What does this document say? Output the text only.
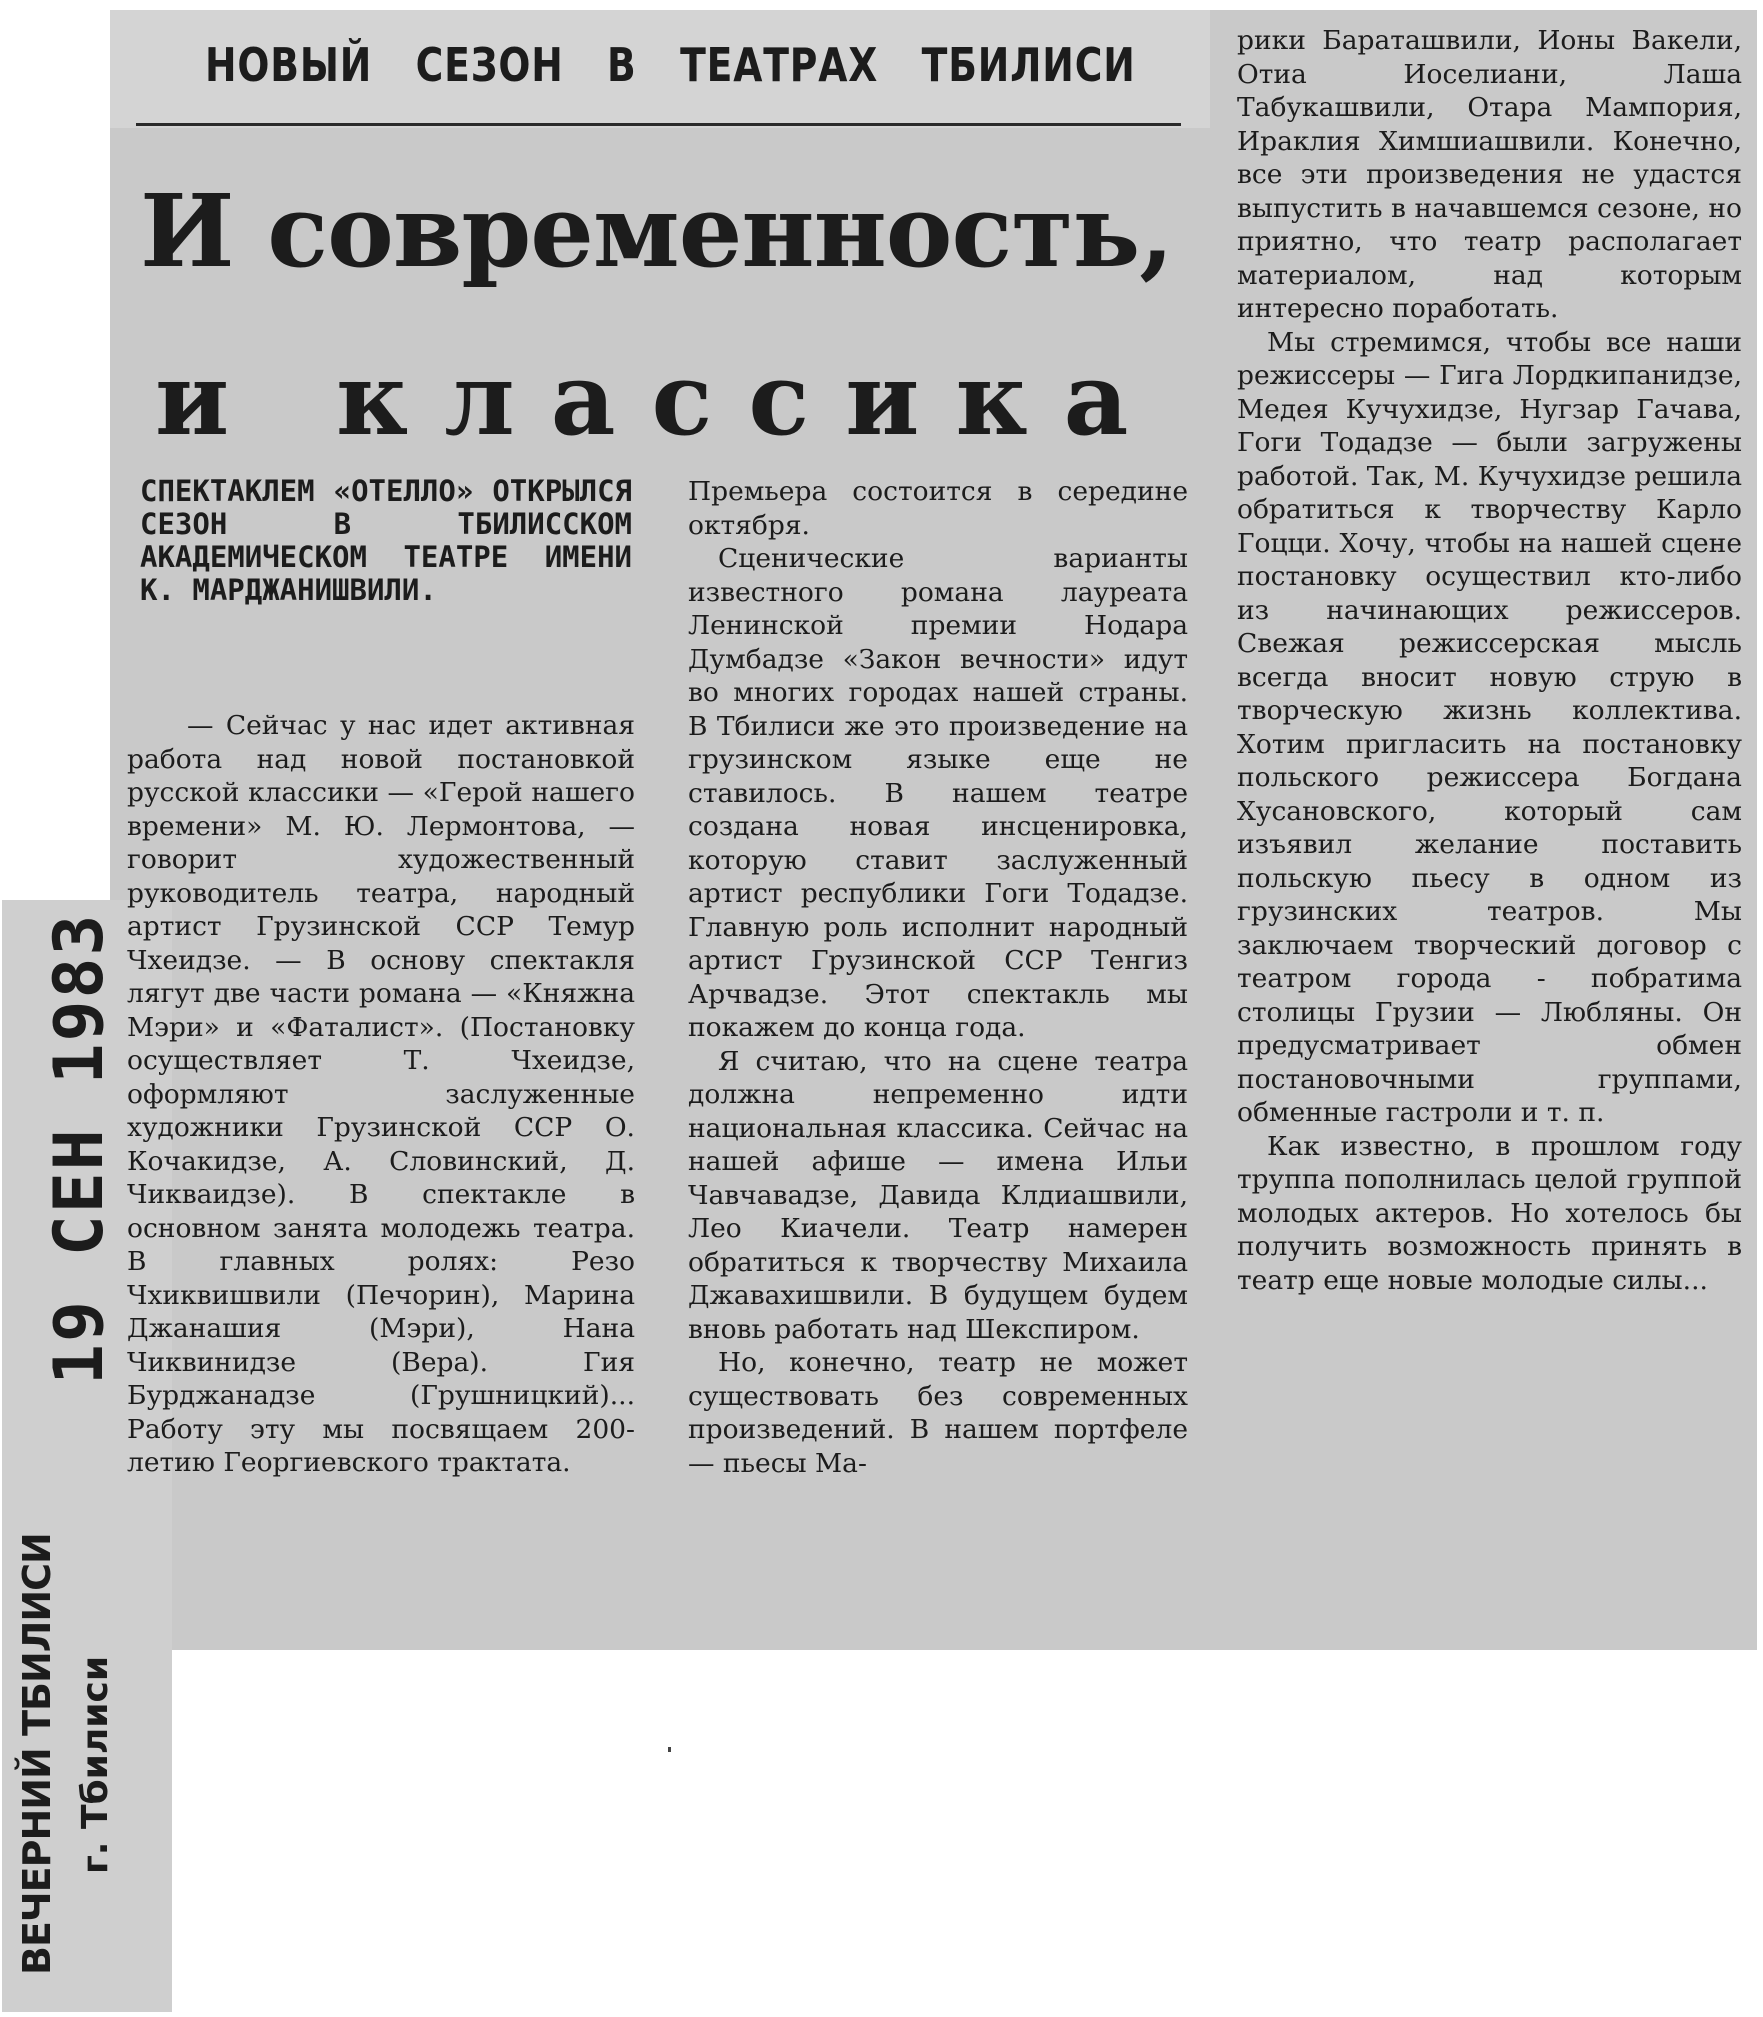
НОВЫЙ СЕЗОН В ТЕАТРАХ ТБИЛИСИ
И современность,
и классика
СПЕКТАКЛЕМ «ОТЕЛЛО» ОТКРЫЛСЯ СЕЗОН В ТБИЛИССКОМ АКАДЕМИЧЕСКОМ ТЕАТРЕ ИМЕНИ К. МАРДЖАНИШВИЛИ.

— Сейчас у нас идет активная работа над новой постановкой русской классики — «Герой нашего времени» М. Ю. Лермонтова, — говорит художественный руководитель театра, народный артист Грузинской ССР Темур Чхеидзе. — В основу спектакля лягут две части романа — «Княжна Мэри» и «Фаталист». (Постановку осуществляет Т. Чхеидзе, оформляют заслуженные художники Грузинской ССР О. Кочакидзе, А. Словинский, Д. Чикваидзе). В спектакле в основном занята молодежь театра. В главных ролях: Резо Чхиквишвили (Печорин), Марина Джанашия (Мэри), Нана Чиквинидзе (Вера). Гия Бурджанадзе (Грушницкий)... Работу эту мы посвящаем 200-летию Георгиевского трактата.

Премьера состоится в середине октября.

Сценические варианты известного романа лауреата Ленинской премии Нодара Думбадзе «Закон вечности» идут во многих городах нашей страны. В Тбилиси же это произведение на грузинском языке еще не ставилось. В нашем театре создана новая инсценировка, которую ставит заслуженный артист республики Гоги Тодадзе. Главную роль исполнит народный артист Грузинской ССР Тенгиз Арчвадзе. Этот спектакль мы покажем до конца года.

Я считаю, что на сцене театра должна непременно идти национальная классика. Сейчас на нашей афише — имена Ильи Чавчавадзе, Давида Клдиашвили, Лео Киачели. Театр намерен обратиться к творчеству Михаила Джавахишвили. В будущем будем вновь работать над Шекспиром.

Но, конечно, театр не может существовать без современных произведений. В нашем портфеле — пьесы Ма-

рики Бараташвили, Ионы Вакели, Отиа Иоселиани, Лаша Табукашвили, Отара Мампория, Ираклия Химшиашвили. Конечно, все эти произведения не удастся выпустить в начавшемся сезоне, но приятно, что театр располагает материалом, над которым интересно поработать.

Мы стремимся, чтобы все наши режиссеры — Гига Лордкипанидзе, Медея Кучухидзе, Нугзар Гачава, Гоги Тодадзе — были загружены работой. Так, М. Кучухидзе решила обратиться к творчеству Карло Гоцци. Хочу, чтобы на нашей сцене постановку осуществил кто-либо из начинающих режиссеров. Свежая режиссерская мысль всегда вносит новую струю в творческую жизнь коллектива. Хотим пригласить на постановку польского режиссера Богдана Хусановского, который сам изъявил желание поставить польскую пьесу в одном из грузинских театров. Мы заключаем творческий договор с театром города - побратима столицы Грузии — Любляны. Он предусматривает обмен постановочными группами, обменные гастроли и т. п.

Как известно, в прошлом году труппа пополнилась целой группой молодых актеров. Но хотелось бы получить возможность принять в театр еще новые молодые силы...

19 СЕН 1983
ВЕЧЕРНИЙ ТБИЛИСИ г. Тбилиси
